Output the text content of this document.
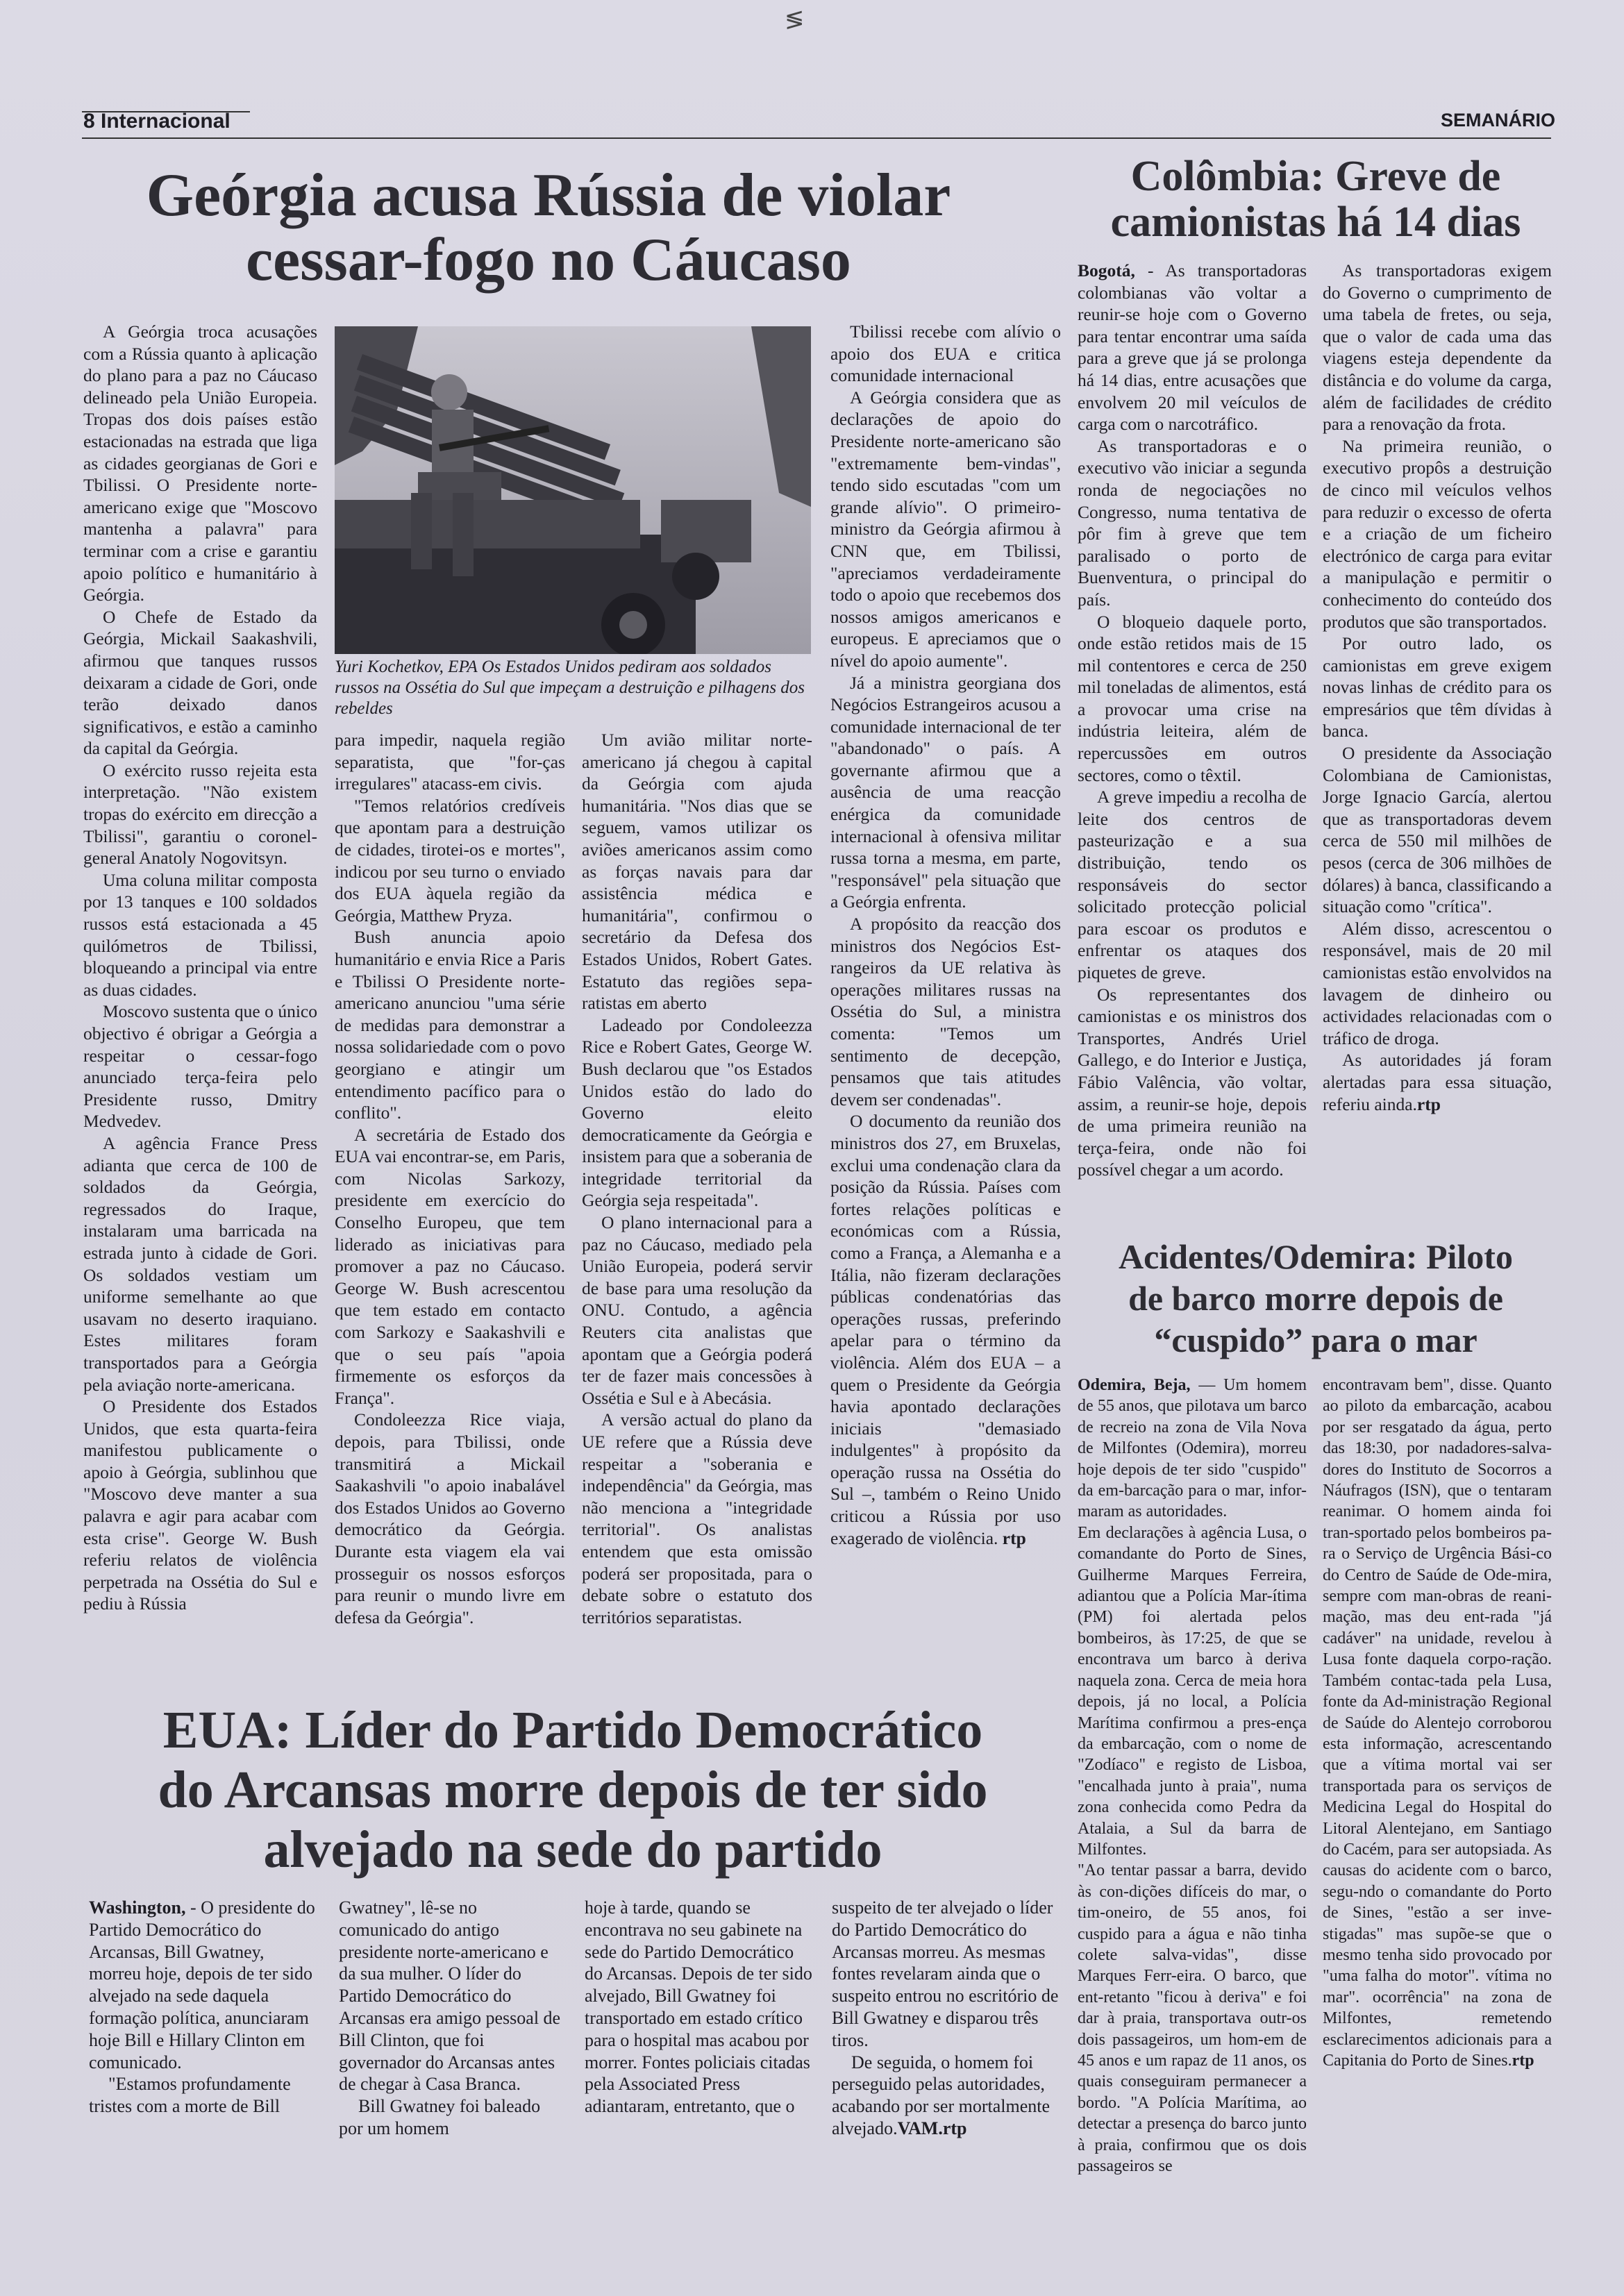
≶
8 Internacional	SEMANÁRIO
Geórgia acusa Rússia de violar
cessar-fogo no Cáucaso

A Geórgia troca acusações com a Rússia quanto à aplicação do plano para a paz no Cáucaso delineado pela União Europeia. Tropas dos dois países estão estacionadas na estrada que liga as cidades georgianas de Gori e Tbilissi. O Presidente norte-americano exige que "Moscovo mantenha a palavra" para terminar com a crise e garantiu apoio político e humanitário à Geórgia.

O Chefe de Estado da Geórgia, Mickail Saakashvili, afirmou que tanques russos deixaram a cidade de Gori, onde terão deixado danos significativos, e estão a caminho da capital da Geórgia.

O exército russo rejeita esta interpretação. "Não existem tropas do exército em direcção a Tbilissi", garantiu o coronel-general Anatoly Nogovitsyn.

Uma coluna militar composta por 13 tanques e 100 soldados russos está estacionada a 45 quilómetros de Tbilissi, bloqueando a principal via entre as duas cidades.

Moscovo sustenta que o único objectivo é obrigar a Geórgia a respeitar o cessar-fogo anunciado terça-feira pelo Presidente russo, Dmitry Medvedev.

A agência France Press adianta que cerca de 100 de soldados da Geórgia, regressados do Iraque, instalaram uma barricada na estrada junto à cidade de Gori. Os soldados vestiam um uniforme semelhante ao que usavam no deserto iraquiano. Estes militares foram transportados para a Geórgia pela aviação norte-americana.

O Presidente dos Estados Unidos, que esta quarta-feira manifestou publicamente o apoio à Geórgia, sublinhou que "Moscovo deve manter a sua palavra e agir para acabar com esta crise". George W. Bush referiu relatos de violência perpetrada na Ossétia do Sul e pediu à Rússia

Yuri Kochetkov, EPA Os Estados Unidos pediram aos soldados russos na Ossétia do Sul que impeçam a destruição e pilhagens dos rebeldes

para impedir, naquela região separatista, que "for-ças irregulares" atacass-em civis.

"Temos relatórios credíveis que apontam para a destruição de cidades, tirotei-os e mortes", indicou por seu turno o enviado dos EUA àquela região da Geórgia, Matthew Pryza.

Bush anuncia apoio humanitário e envia Rice a Paris e Tbilissi O Presidente norte-americano anunciou "uma série de medidas para demonstrar a nossa solidariedade com o povo georgiano e atingir um entendimento pacífico para o conflito".

A secretária de Estado dos EUA vai encontrar-se, em Paris, com Nicolas Sarkozy, presidente em exercício do Conselho Europeu, que tem liderado as iniciativas para promover a paz no Cáucaso. George W. Bush acrescentou que tem estado em contacto com Sarkozy e Saakashvili e que o seu país "apoia firmemente os esforços da França".

Condoleezza Rice viaja, depois, para Tbilissi, onde transmitirá a Mickail Saakashvili "o apoio inabalável dos Estados Unidos ao Governo democrático da Geórgia. Durante esta viagem ela vai prosseguir os nossos esforços para reunir o mundo livre em defesa da Geórgia".

Um avião militar norte-americano já chegou à capital da Geórgia com ajuda humanitária. "Nos dias que se seguem, vamos utilizar os aviões americanos assim como as forças navais para dar assistência médica e humanitária", confirmou o secretário da Defesa dos Estados Unidos, Robert Gates. Estatuto das regiões sepa-ratistas em aberto

Ladeado por Condoleezza Rice e Robert Gates, George W. Bush declarou que "os Estados Unidos estão do lado do Governo eleito democraticamente da Geórgia e insistem para que a soberania de integridade territorial da Geórgia seja respeitada".

O plano internacional para a paz no Cáucaso, mediado pela União Europeia, poderá servir de base para uma resolução da ONU. Contudo, a agência Reuters cita analistas que apontam que a Geórgia poderá ter de fazer mais concessões à Ossétia e Sul e à Abecásia.

A versão actual do plano da UE refere que a Rússia deve respeitar a "soberania e independência" da Geórgia, mas não menciona a "integridade territorial". Os analistas entendem que esta omissão poderá ser propositada, para o debate sobre o estatuto dos territórios separatistas.

Tbilissi recebe com alívio o apoio dos EUA e critica comunidade internacional

A Geórgia considera que as declarações de apoio do Presidente norte-americano são "extremamente bem-vindas", tendo sido escutadas "com um grande alívio". O primeiro-ministro da Geórgia afirmou à CNN que, em Tbilissi, "apreciamos verdadeiramente todo o apoio que recebemos dos nossos amigos americanos e europeus. E apreciamos que o nível do apoio aumente".

Já a ministra georgiana dos Negócios Estrangeiros acusou a comunidade internacional de ter "abandonado" o país. A governante afirmou que a ausência de uma reacção enérgica da comunidade internacional à ofensiva militar russa torna a mesma, em parte, "responsável" pela situação que a Geórgia enfrenta.

A propósito da reacção dos ministros dos Negócios Est-rangeiros da UE relativa às operações militares russas na Ossétia do Sul, a ministra comenta: "Temos um sentimento de decepção, pensamos que tais atitudes devem ser condenadas".

O documento da reunião dos ministros dos 27, em Bruxelas, exclui uma condenação clara da posição da Rússia. Países com fortes relações políticas e económicas com a Rússia, como a França, a Alemanha e a Itália, não fizeram declarações públicas condenatórias das operações russas, preferindo apelar para o término da violência. Além dos EUA – a quem o Presidente da Geórgia havia apontado declarações iniciais "demasiado indulgentes" à propósito da operação russa na Ossétia do Sul –, também o Reino Unido criticou a Rússia por uso exagerado de violência. rtp

Colômbia: Greve de
camionistas há 14 dias

Bogotá, - As transportadoras colombianas vão voltar a reunir-se hoje com o Governo para tentar encontrar uma saída para a greve que já se prolonga há 14 dias, entre acusações que envolvem 20 mil veículos de carga com o narcotráfico.

As transportadoras e o executivo vão iniciar a segunda ronda de negociações no Congresso, numa tentativa de pôr fim à greve que tem paralisado o porto de Buenventura, o principal do país.

O bloqueio daquele porto, onde estão retidos mais de 15 mil contentores e cerca de 250 mil toneladas de alimentos, está a provocar uma crise na indústria leiteira, além de repercussões em outros sectores, como o têxtil.

A greve impediu a recolha de leite dos centros de pasteurização e a sua distribuição, tendo os responsáveis do sector solicitado protecção policial para escoar os produtos e enfrentar os ataques dos piquetes de greve.

Os representantes dos camionistas e os ministros dos Transportes, Andrés Uriel Gallego, e do Interior e Justiça, Fábio Valência, vão voltar, assim, a reunir-se hoje, depois de uma primeira reunião na terça-feira, onde não foi possível chegar a um acordo.

As transportadoras exigem do Governo o cumprimento de uma tabela de fretes, ou seja, que o valor de cada uma das viagens esteja dependente da distância e do volume da carga, além de facilidades de crédito para a renovação da frota.

Na primeira reunião, o executivo propôs a destruição de cinco mil veículos velhos para reduzir o excesso de oferta e a criação de um ficheiro electrónico de carga para evitar a manipulação e permitir o conhecimento do conteúdo dos produtos que são transportados.

Por outro lado, os camionistas em greve exigem novas linhas de crédito para os empresários que têm dívidas à banca.

O presidente da Associação Colombiana de Camionistas, Jorge Ignacio García, alertou que as transportadoras devem cerca de 550 mil milhões de pesos (cerca de 306 milhões de dólares) à banca, classificando a situação como "crítica".

Além disso, acrescentou o responsável, mais de 20 mil camionistas estão envolvidos na lavagem de dinheiro ou actividades relacionadas com o tráfico de droga.

As autoridades já foram alertadas para essa situação, referiu ainda.rtp

Acidentes/Odemira: Piloto
de barco morre depois de
“cuspido” para o mar

Odemira, Beja, — Um homem de 55 anos, que pilotava um barco de recreio na zona de Vila Nova de Milfontes (Odemira), morreu hoje depois de ter sido "cuspido" da em-barcação para o mar, infor-maram as autoridades.

Em declarações à agência Lusa, o comandante do Porto de Sines, Guilherme Marques Ferreira, adiantou que a Polícia Mar-ítima (PM) foi alertada pelos bombeiros, às 17:25, de que se encontrava um barco à deriva naquela zona. Cerca de meia hora depois, já no local, a Polícia Marítima confirmou a pres-ença da embarcação, com o nome de "Zodíaco" e registo de Lisboa, "encalhada junto à praia", numa zona conhecida como Pedra da Atalaia, a Sul da barra de Milfontes.

"Ao tentar passar a barra, devido às con-dições difíceis do mar, o tim-oneiro, de 55 anos, foi cuspido para a água e não tinha colete salva-vidas", disse Marques Ferr-eira. O barco, que ent-retanto "ficou à deriva" e foi dar à praia, transportava outr-os dois passageiros, um hom-em de 45 anos e um rapaz de 11 anos, os quais conseguiram permanecer a bordo. "A Polícia Marítima, ao detectar a presença do barco junto à praia, confirmou que os dois passageiros se

encontravam bem", disse. Quanto ao piloto da embarcação, acabou por ser resgatado da água, perto das 18:30, por nadadores-salva-dores do Instituto de Socorros a Náufragos (ISN), que o tentaram reanimar. O homem ainda foi tran-sportado pelos bombeiros pa-ra o Serviço de Urgência Bási-co do Centro de Saúde de Ode-mira, sempre com man-obras de reani-mação, mas deu ent-rada "já cadáver" na unidade, revelou à Lusa fonte daquela corpo-ração. Também contac-tada pela Lusa, fonte da Ad-ministração Regional de Saúde do Alentejo corroborou esta informação, acrescentando que a vítima mortal vai ser transportada para os serviços de Medicina Legal do Hospital do Litoral Alentejano, em Santiago do Cacém, para ser autopsiada. As causas do acidente com o barco, segu-ndo o comandante do Porto de Sines, "estão a ser inve-stigadas" mas supõe-se que o mesmo tenha sido provocado por "uma falha do motor". vítima no mar". ocorrência" na zona de Milfontes, remetendo esclarecimentos adicionais para a Capitania do Porto de Sines.rtp

EUA: Líder do Partido Democrático
do Arcansas morre depois de ter sido
alvejado na sede do partido

Washington, - O presidente do Partido Democrático do Arcansas, Bill Gwatney, morreu hoje, depois de ter sido alvejado na sede daquela formação política, anunciaram hoje Bill e Hillary Clinton em comunicado.

"Estamos profundamente tristes com a morte de Bill

Gwatney", lê-se no comunicado do antigo presidente norte-americano e da sua mulher. O líder do Partido Democrático do Arcansas era amigo pessoal de Bill Clinton, que foi governador do Arcansas antes de chegar à Casa Branca.

Bill Gwatney foi baleado por um homem

hoje à tarde, quando se encontrava no seu gabinete na sede do Partido Democrático do Arcansas. Depois de ter sido alvejado, Bill Gwatney foi transportado em estado crítico para o hospital mas acabou por morrer. Fontes policiais citadas pela Associated Press adiantaram, entretanto, que o

suspeito de ter alvejado o líder do Partido Democrático do Arcansas morreu. As mesmas fontes revelaram ainda que o suspeito entrou no escritório de Bill Gwatney e disparou três tiros.

De seguida, o homem foi perseguido pelas autoridades, acabando por ser mortalmente alvejado.VAM.rtp
